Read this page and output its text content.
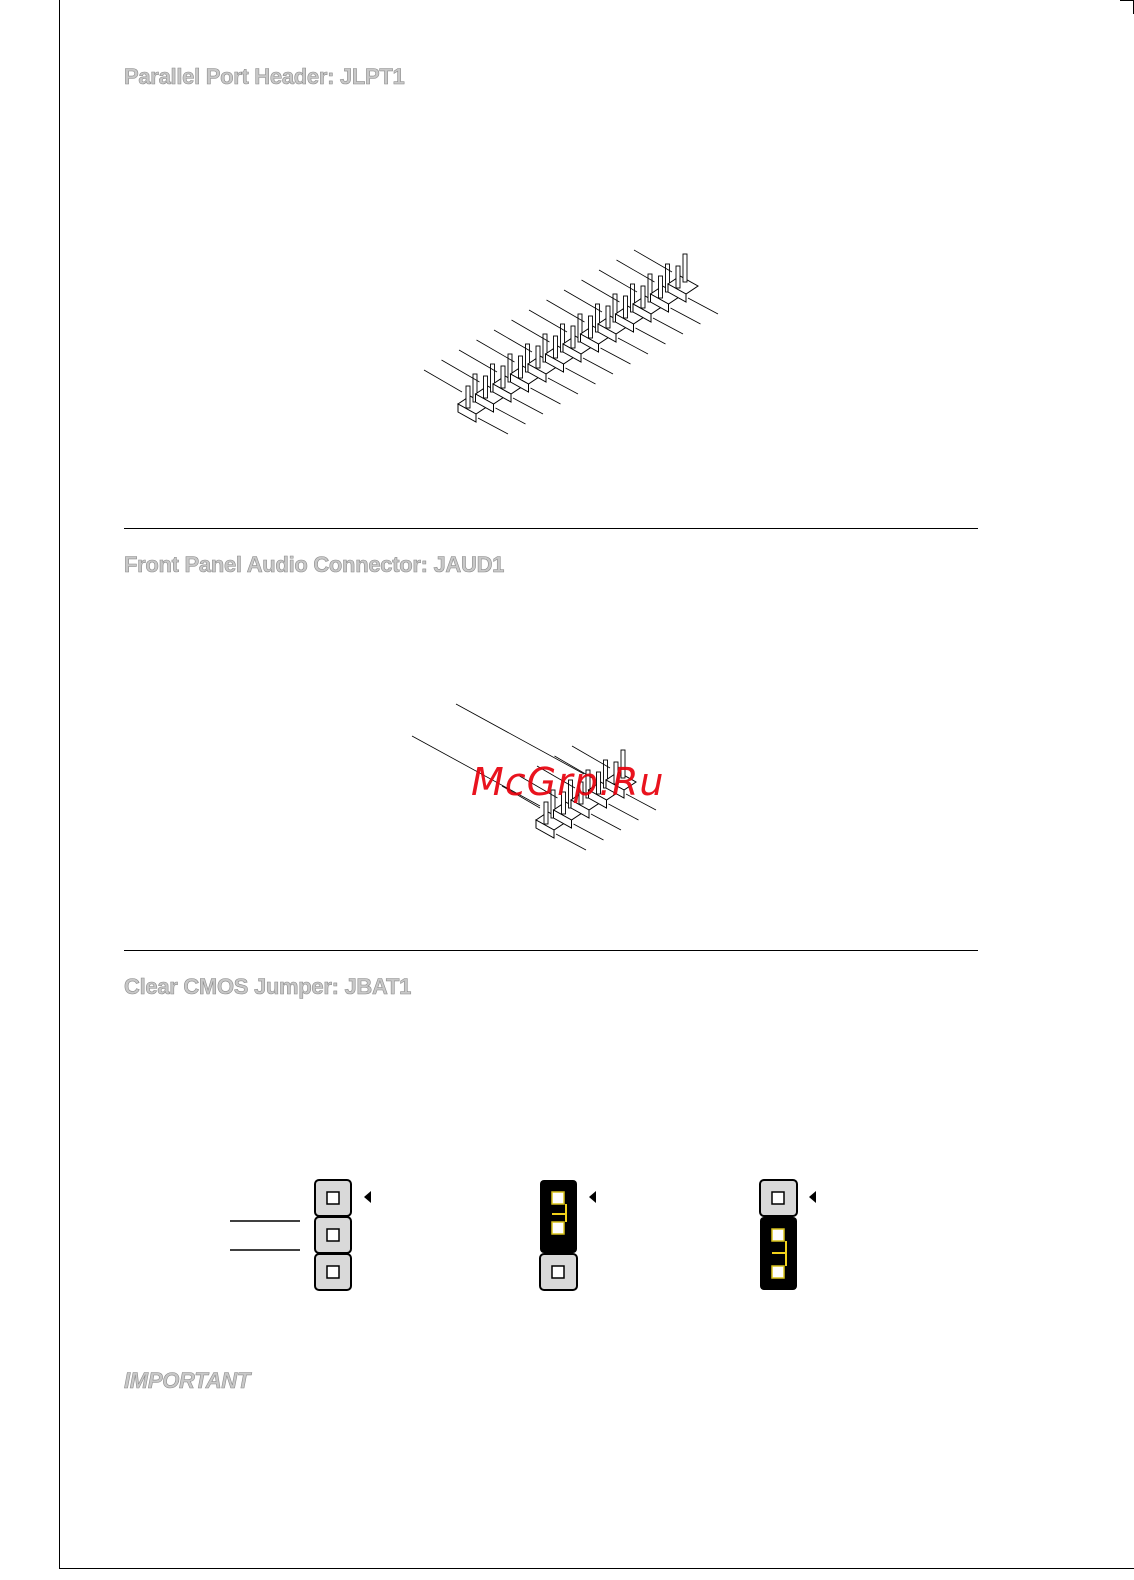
Parallel Port Header: JLPT1
Front Panel Audio Connector: JAUD1
McGrp.Ru
Clear CMOS Jumper: JBAT1
IMPORTANT
